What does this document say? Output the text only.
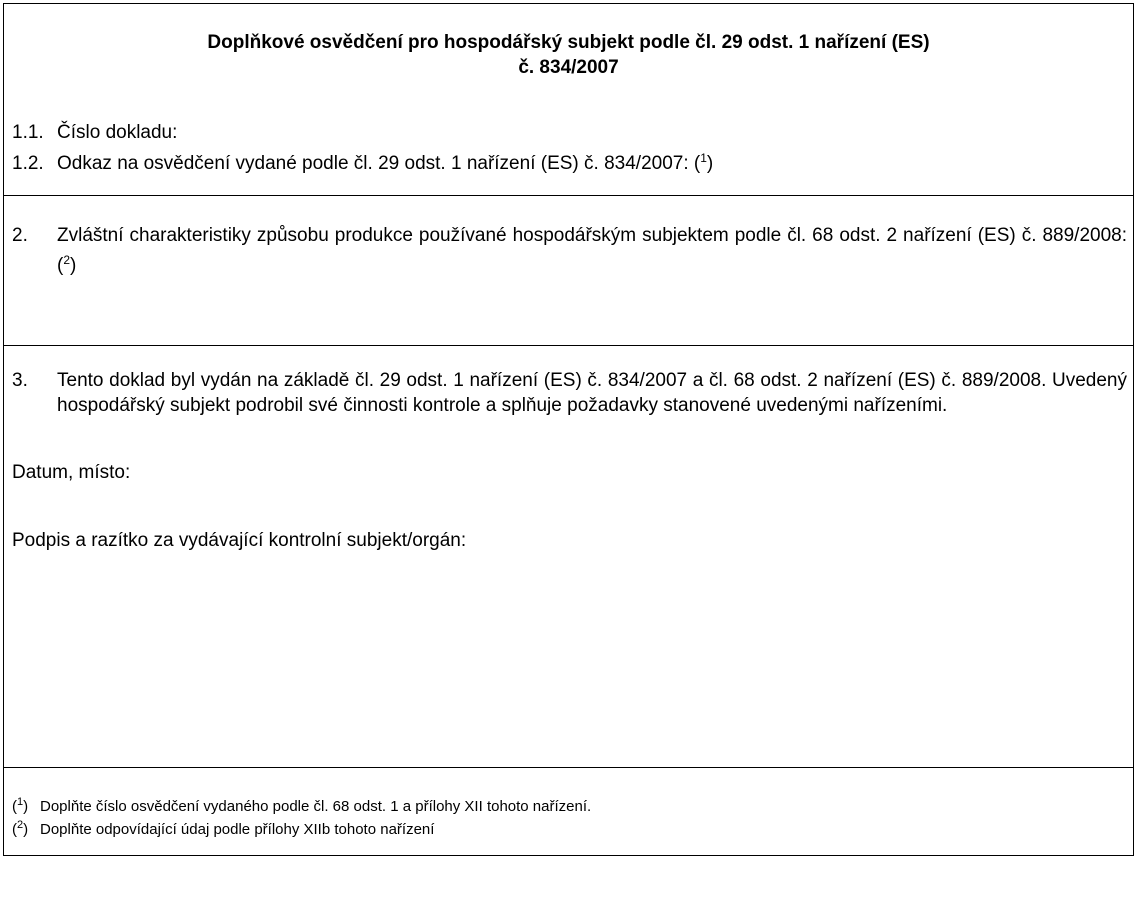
Doplňkové osvědčení pro hospodářský subjekt podle čl. 29 odst. 1 nařízení (ES)
č. 834/2007
1.1. Číslo dokladu:
1.2. Odkaz na osvědčení vydané podle čl. 29 odst. 1 nařízení (ES) č. 834/2007: ($^1$)
2. Zvláštní charakteristiky způsobu produkce používané hospodářským subjektem podle čl. 68 odst. 2 nařízení (ES) č. 889/2008: ($^2$)
3. Tento doklad byl vydán na základě čl. 29 odst. 1 nařízení (ES) č. 834/2007 a čl. 68 odst. 2 nařízení (ES) č. 889/2008. Uvedený hospodářský subjekt podrobil své činnosti kontrole a splňuje požadavky stanovené uvedenými nařízeními.
Datum, místo:
Podpis a razítko za vydávající kontrolní subjekt/orgán:
($^1$) Doplňte číslo osvědčení vydaného podle čl. 68 odst. 1 a přílohy XII tohoto nařízení.
($^2$) Doplňte odpovídající údaj podle přílohy XIIb tohoto nařízení
